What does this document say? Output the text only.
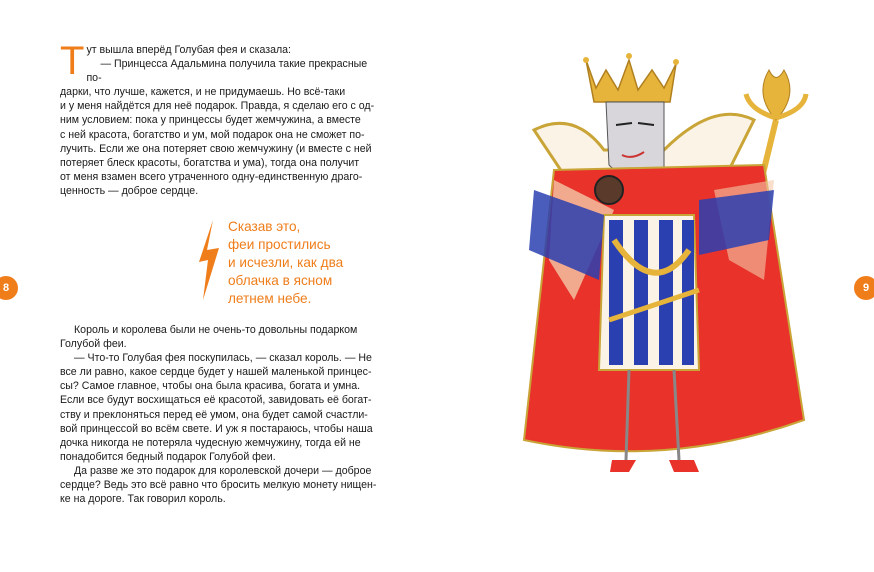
8
Т ут вышла вперёд Голубая фея и сказала:

— Принцесса Адальмина получила такие прекрасные по-

дарки, что лучше, кажется, и не придумаешь. Но всё-таки

и у меня найдётся для неё подарок. Правда, я сделаю его с од-

ним условием: пока у принцессы будет жемчужина, а вместе

с ней красота, богатство и ум, мой подарок она не сможет по-

лучить. Если же она потеряет свою жемчужину (и вместе с ней

потеряет блеск красоты, богатства и ума), тогда она получит

от меня взамен всего утраченного одну-единственную драго-

ценность — доброе сердце.

Сказав это,
феи простились
и исчезли, как два
облачка в ясном
летнем небе.

Король и королева были не очень-то довольны подарком

Голубой феи.

— Что-то Голубая фея поскупилась, — сказал король. — Не

все ли равно, какое сердце будет у нашей маленькой принцес-

сы? Самое главное, чтобы она была красива, богата и умна.

Если все будут восхищаться её красотой, завидовать её богат-

ству и преклоняться перед её умом, она будет самой счастли-

вой принцессой во всём свете. И уж я постараюсь, чтобы наша

дочка никогда не потеряла чудесную жемчужину, тогда ей не

понадобится бедный подарок Голубой феи.

Да разве же это подарок для королевской дочери — доброе

сердце? Ведь это всё равно что бросить мелкую монету нищен-

ке на дороге. Так говорил король.

9
